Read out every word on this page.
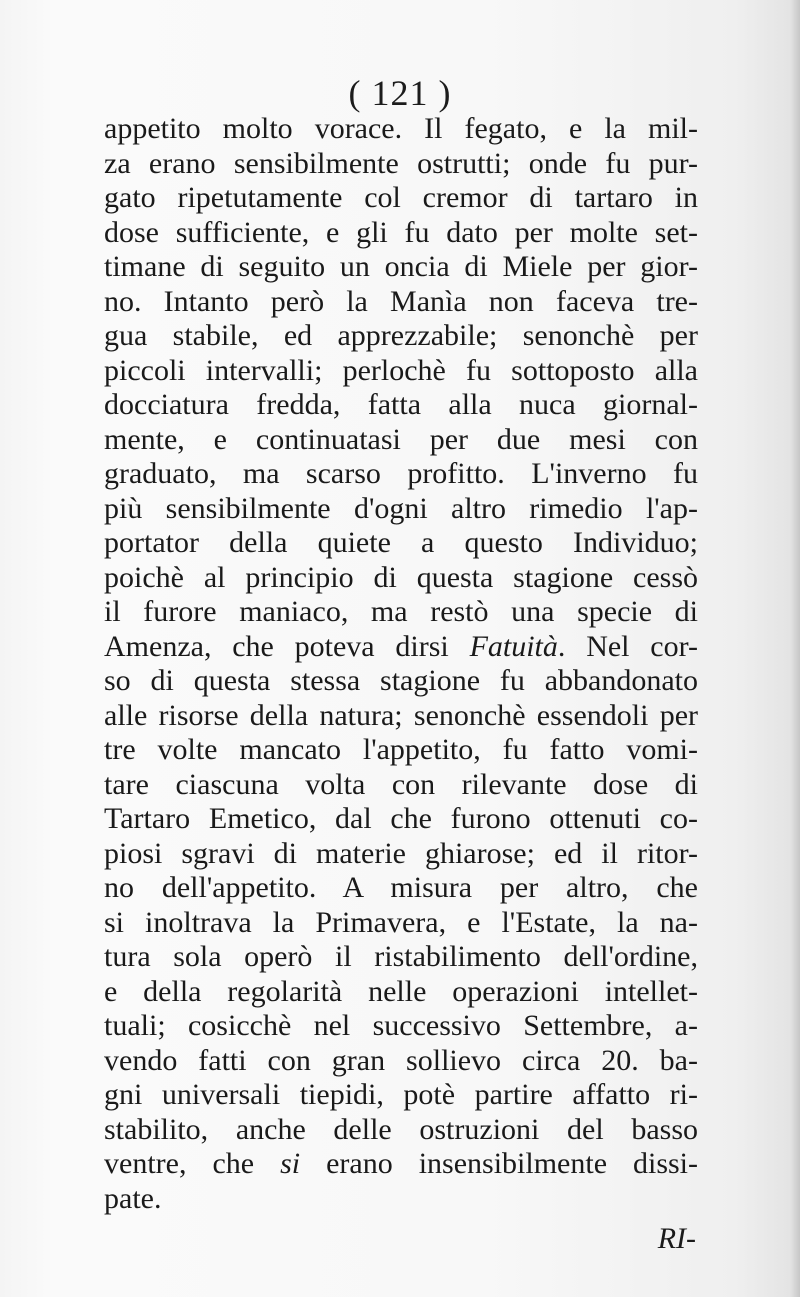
( 121 )
appetito molto vorace. Il fegato, e la mil-
za erano sensibilmente ostrutti; onde fu pur-
gato ripetutamente col cremor di tartaro in
dose sufficiente, e gli fu dato per molte set-
timane di seguito un oncia di Miele per gior-
no. Intanto però la Manìa non faceva tre-
gua stabile, ed apprezzabile; senonchè per
piccoli intervalli; perlochè fu sottoposto alla
docciatura fredda, fatta alla nuca giornal-
mente, e continuatasi per due mesi con
graduato, ma scarso profitto. L'inverno fu
più sensibilmente d'ogni altro rimedio l'ap-
portator della quiete a questo Individuo;
poichè al principio di questa stagione cessò
il furore maniaco, ma restò una specie di
Amenza, che poteva dirsi Fatuità. Nel cor-
so di questa stessa stagione fu abbandonato
alle risorse della natura; senonchè essendoli per
tre volte mancato l'appetito, fu fatto vomi-
tare ciascuna volta con rilevante dose di
Tartaro Emetico, dal che furono ottenuti co-
piosi sgravi di materie ghiarose; ed il ritor-
no dell'appetito. A misura per altro, che
si inoltrava la Primavera, e l'Estate, la na-
tura sola operò il ristabilimento dell'ordine,
e della regolarità nelle operazioni intellet-
tuali; cosicchè nel successivo Settembre, a-
vendo fatti con gran sollievo circa 20. ba-
gni universali tiepidi, potè partire affatto ri-
stabilito, anche delle ostruzioni del basso
ventre, che si erano insensibilmente dissi-
pate.
RI-
